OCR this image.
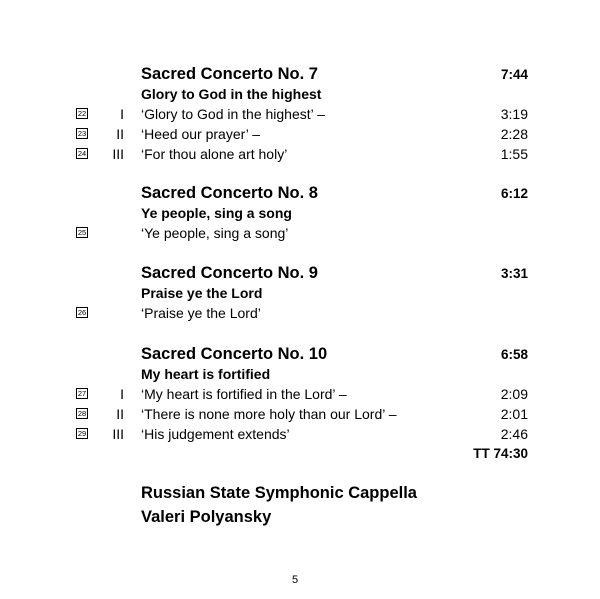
Sacred Concerto No. 7	7:44
Glory to God in the highest
22 I ‘Glory to God in the highest’ –	3:19
23 II ‘Heed our prayer’ –	2:28
24 III ‘For thou alone art holy’	1:55
Sacred Concerto No. 8	6:12
Ye people, sing a song
25	‘Ye people, sing a song’
Sacred Concerto No. 9	3:31
Praise ye the Lord
26	‘Praise ye the Lord’
Sacred Concerto No. 10	6:58
My heart is fortified
27 I ‘My heart is fortified in the Lord’ –	2:09
28 II ‘There is none more holy than our Lord’ –	2:01
29 III ‘His judgement extends’	2:46
TT 74:30
Russian State Symphonic Cappella
Valeri Polyansky
5
